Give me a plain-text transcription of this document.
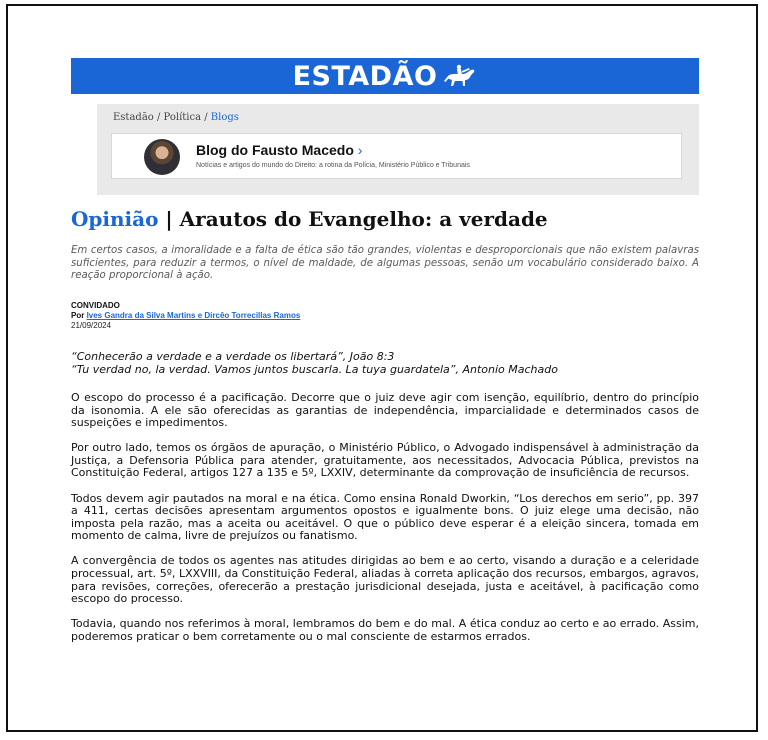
ESTADÃO
Estadão / Política / Blogs
Blog do Fausto Macedo ›
Notícias e artigos do mundo do Direito: a rotina da Polícia, Ministério Público e Tribunais
Opinião | Arautos do Evangelho: a verdade
Em certos casos, a imoralidade e a falta de ética são tão grandes, violentas e desproporcionais que não existem palavras suficientes, para reduzir a termos, o nível de maldade, de algumas pessoas, senão um vocabulário considerado baixo. A reação proporcional à ação.
CONVIDADO
Por Ives Gandra da Silva Martins e Dircêo Torrecillas Ramos
21/09/2024
“Conhecerão a verdade e a verdade os libertará”, João 8:3
“Tu verdad no, la verdad. Vamos juntos buscarla. La tuya guardatela”, Antonio Machado

O escopo do processo é a pacificação. Decorre que o juiz deve agir com isenção, equilíbrio, dentro do princípio da isonomia. A ele são oferecidas as garantias de independência, imparcialidade e determinados casos de suspeições e impedimentos.

Por outro lado, temos os órgãos de apuração, o Ministério Público, o Advogado indispensável à administração da Justiça, a Defensoria Pública para atender, gratuitamente, aos necessitados, Advocacia Pública, previstos na Constituição Federal, artigos 127 a 135 e 5º, LXXIV, determinante da comprovação de insuficiência de recursos.

Todos devem agir pautados na moral e na ética. Como ensina Ronald Dworkin, “Los derechos em serio”, pp. 397 a 411, certas decisões apresentam argumentos opostos e igualmente bons. O juiz elege uma decisão, não imposta pela razão, mas a aceita ou aceitável. O que o público deve esperar é a eleição sincera, tomada em momento de calma, livre de prejuízos ou fanatismo.

A convergência de todos os agentes nas atitudes dirigidas ao bem e ao certo, visando a duração e a celeridade processual, art. 5º, LXXVIII, da Constituição Federal, aliadas à correta aplicação dos recursos, embargos, agravos, para revisões, correções, oferecerão a prestação jurisdicional desejada, justa e aceitável, à pacificação como escopo do processo.

Todavia, quando nos referimos à moral, lembramos do bem e do mal. A ética conduz ao certo e ao errado. Assim, poderemos praticar o bem corretamente ou o mal consciente de estarmos errados.
